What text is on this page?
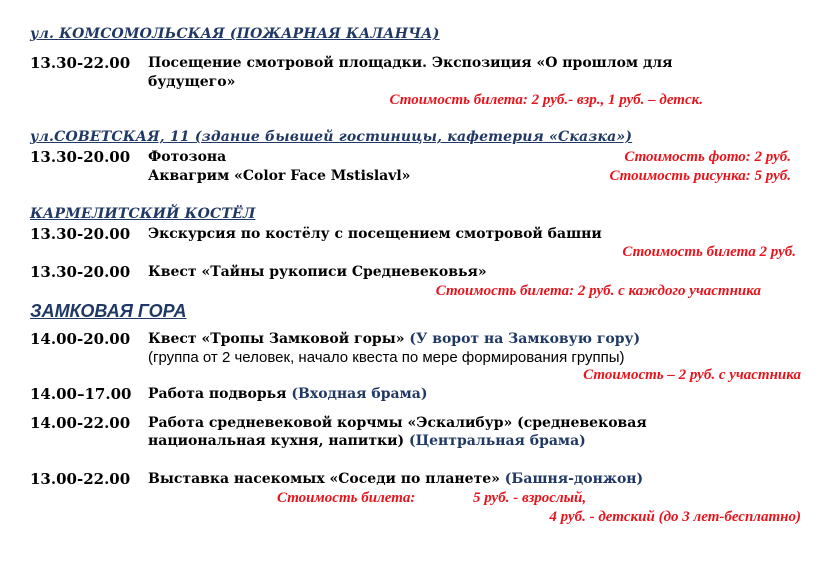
ул. КОМСОМОЛЬСКАЯ (ПОЖАРНАЯ КАЛАНЧА)
13.30-22.00 Посещение смотровой площадки. Экспозиция «О прошлом для
будущего»
Стоимость билета: 2 руб.- взр., 1 руб. – детск.
ул.СОВЕТСКАЯ, 11 (здание бывшей гостиницы, кафетерия «Сказка»)
13.30-20.00 Фотозона	Стоимость фото: 2 руб.
Аквагрим «Color Face Mstislavl»	Стоимость рисунка: 5 руб.
КАРМЕЛИТСКИЙ КОСТЁЛ
13.30-20.00 Экскурсия по костёлу с посещением смотровой башни
Стоимость билета 2 руб.
13.30-20.00 Квест «Тайны рукописи Средневековья»
Стоимость билета: 2 руб. с каждого участника
ЗАМКОВАЯ ГОРА
14.00-20.00 Квест «Тропы Замковой горы» (У ворот на Замковую гору)
(группа от 2 человек, начало квеста по мере формирования группы)
Стоимость – 2 руб. с участника
14.00–17.00 Работа подворья (Входная брама)
14.00-22.00 Работа средневековой корчмы «Эскалибур» (средневековая
национальная кухня, напитки) (Центральная брама)
13.00-22.00 Выставка насекомых «Соседи по планете» (Башня-донжон)
Стоимость билета:	5 руб. - взрослый,
4 руб. - детский (до 3 лет-бесплатно)
